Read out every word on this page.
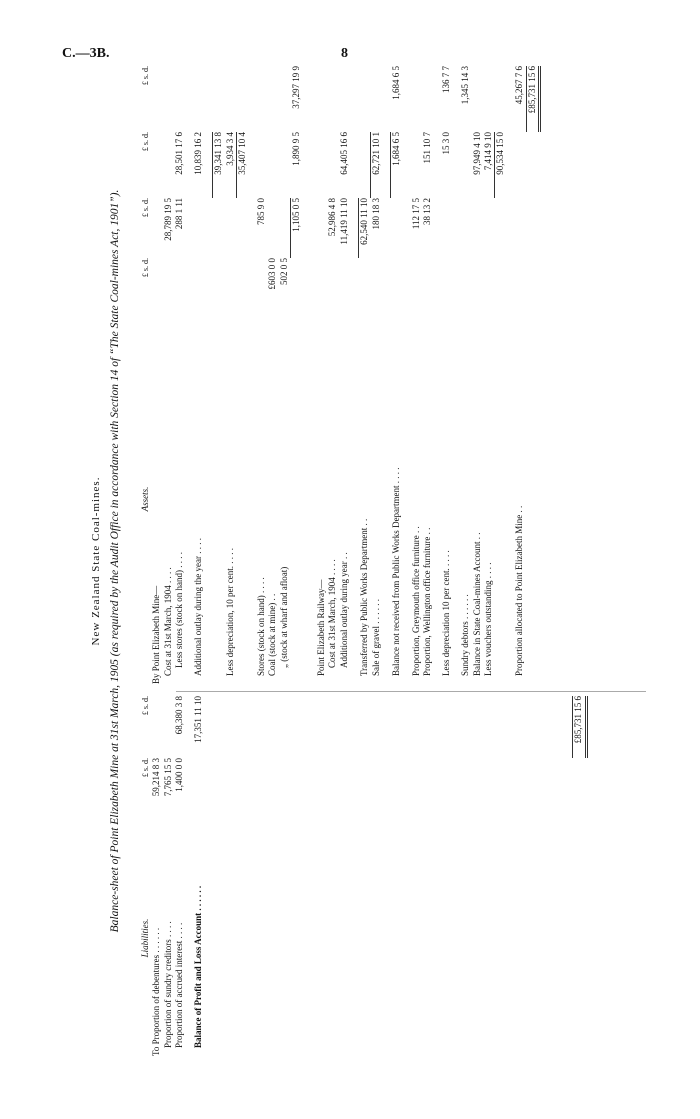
C.—3B.	8
New Zealand State Coal-mines. Balance-sheet of Point Elizabeth Mine at 31st March, 1905 (as required by the Audit Office in accordance with Section 14 of “The State Coal-mines Act, 1901”).
Liabilities.
£ s. d.
£ s. d.
To Proportion of debentures . . . . . .
59,214 8 3
Proportion of sundry creditors . . . .
7,765 15 5
Proportion of accrued interest . . . .
1,400 0 0
68,380 3 8
Balance of Profit and Loss Account . . . . . .
17,351 11 10	£85,731 15 6
Assets.
£ s. d.
£ s. d.
£ s. d.
£ s. d.
By Point Elizabeth Mine— Cost at 31st March, 1904 . . . .
28,789 19 5
Less stores (stock on hand) . . . .
288 1 11
28,501 17 6
Additional outlay during the year . . . .
10,839 16 2 39,341 13 8
Less depreciation, 10 per cent. . . . .
3,934 3 4 35,407 10 4
Stores (stock on hand) . . . .
785 9 0
Coal (stock at mine) . .
£603 0 0
„ (stock at wharf and afloat)
502 0 5
1,105 0 5
1,890 9 5
37,297 19 9
Point Elizabeth Railway— Cost at 31st March, 1904 . . . .
52,986 4 8
Additional outlay during year . .
11,419 11 10
64,405 16 6
Transferred by Public Works Department . .
62,540 11 10
Sale of gravel . . . . . .
180 18 3
62,721 10 1
Balance not received from Public Works Department . . . .
1,684 6 5
1,684 6 5
Proportion, Greymouth office furniture . .
112 17 5
Proportion, Wellington office furniture . .
38 13 2
151 10 7
Less depreciation 10 per cent. . . . .
15 3 0
136 7 7
Sundry debtors . . . . . .
1,345 14 3
Balance in State Coal-mines Account . .
97,949 4 10
Less vouchers outstanding . . . .
7,414 9 10 90,534 15 0
Proportion allocated to Point Elizabeth Mine . .
45,267 7 6 £85,731 15 6
